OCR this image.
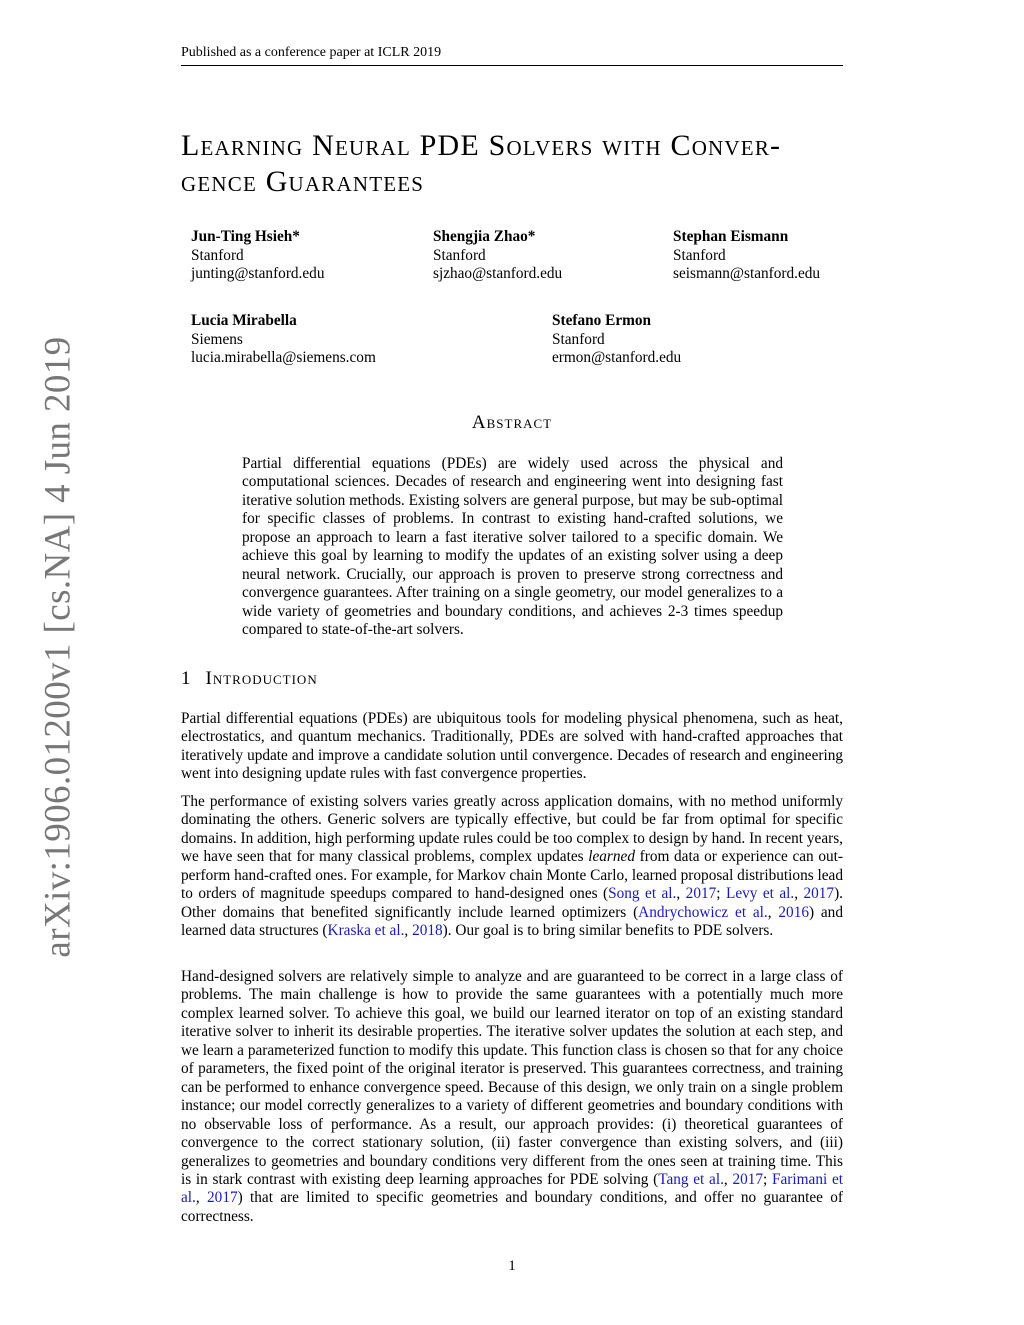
Published as a conference paper at ICLR 2019
arXiv:1906.01200v1 [cs.NA] 4 Jun 2019
Learning Neural PDE Solvers with Conver-
gence Guarantees
Jun-Ting Hsieh*
Stanford
junting@stanford.edu
Shengjia Zhao*
Stanford
sjzhao@stanford.edu
Stephan Eismann
Stanford
seismann@stanford.edu
Lucia Mirabella
Siemens
lucia.mirabella@siemens.com
Stefano Ermon
Stanford
ermon@stanford.edu
Abstract
Partial differential equations (PDEs) are widely used across the physical and computational sciences. Decades of research and engineering went into designing fast iterative solution methods. Existing solvers are general purpose, but may be sub-optimal for specific classes of problems. In contrast to existing hand-crafted solutions, we propose an approach to learn a fast iterative solver tailored to a specific domain. We achieve this goal by learning to modify the updates of an existing solver using a deep neural network. Crucially, our approach is proven to preserve strong correctness and convergence guarantees. After training on a single geometry, our model generalizes to a wide variety of geometries and boundary conditions, and achieves 2-3 times speedup compared to state-of-the-art solvers.
1 Introduction
Partial differential equations (PDEs) are ubiquitous tools for modeling physical phenomena, such as heat, electrostatics, and quantum mechanics. Traditionally, PDEs are solved with hand-crafted approaches that iteratively update and improve a candidate solution until convergence. Decades of research and engineering went into designing update rules with fast convergence properties.
The performance of existing solvers varies greatly across application domains, with no method uniformly dominating the others. Generic solvers are typically effective, but could be far from optimal for specific domains. In addition, high performing update rules could be too complex to design by hand. In recent years, we have seen that for many classical problems, complex updates learned from data or experience can out-perform hand-crafted ones. For example, for Markov chain Monte Carlo, learned proposal distributions lead to orders of magnitude speedups compared to hand-designed ones (Song et al., 2017; Levy et al., 2017). Other domains that benefited significantly include learned optimizers (Andrychowicz et al., 2016) and learned data structures (Kraska et al., 2018). Our goal is to bring similar benefits to PDE solvers.
Hand-designed solvers are relatively simple to analyze and are guaranteed to be correct in a large class of problems. The main challenge is how to provide the same guarantees with a potentially much more complex learned solver. To achieve this goal, we build our learned iterator on top of an existing standard iterative solver to inherit its desirable properties. The iterative solver updates the solution at each step, and we learn a parameterized function to modify this update. This function class is chosen so that for any choice of parameters, the fixed point of the original iterator is preserved. This guarantees correctness, and training can be performed to enhance convergence speed. Because of this design, we only train on a single problem instance; our model correctly generalizes to a variety of different geometries and boundary conditions with no observable loss of performance. As a result, our approach provides: (i) theoretical guarantees of convergence to the correct stationary solution, (ii) faster convergence than existing solvers, and (iii) generalizes to geometries and boundary conditions very different from the ones seen at training time. This is in stark contrast with existing deep learning approaches for PDE solving (Tang et al., 2017; Farimani et al., 2017) that are limited to specific geometries and boundary conditions, and offer no guarantee of correctness.
1
